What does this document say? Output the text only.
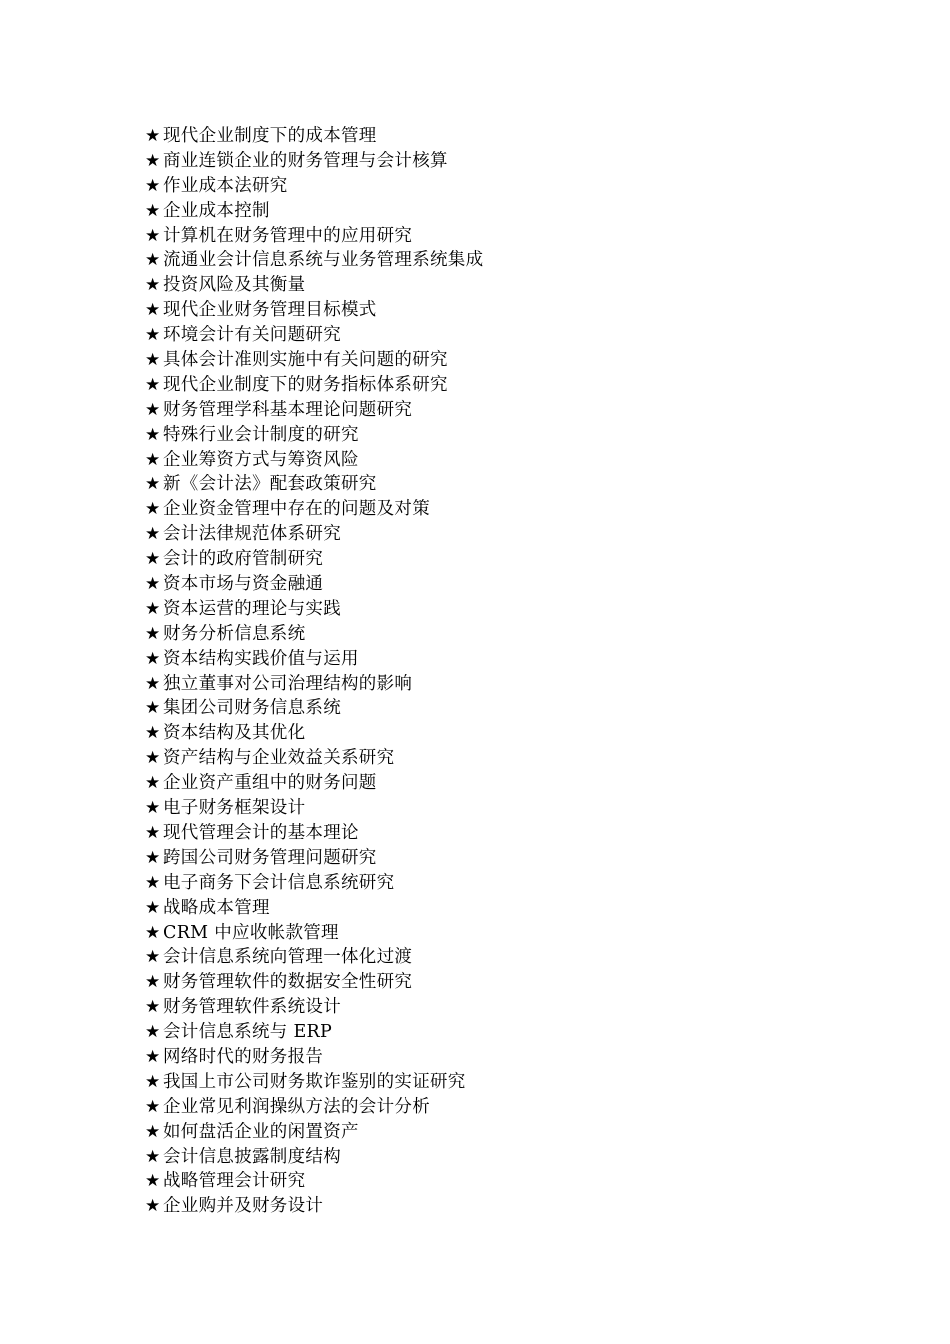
★ 现代企业制度下的成本管理
★ 商业连锁企业的财务管理与会计核算
★ 作业成本法研究
★ 企业成本控制
★ 计算机在财务管理中的应用研究
★ 流通业会计信息系统与业务管理系统集成
★ 投资风险及其衡量
★ 现代企业财务管理目标模式
★ 环境会计有关问题研究
★ 具体会计准则实施中有关问题的研究
★ 现代企业制度下的财务指标体系研究
★ 财务管理学科基本理论问题研究
★ 特殊行业会计制度的研究
★ 企业筹资方式与筹资风险
★ 新《会计法》配套政策研究
★ 企业资金管理中存在的问题及对策
★ 会计法律规范体系研究
★ 会计的政府管制研究
★ 资本市场与资金融通
★ 资本运营的理论与实践
★ 财务分析信息系统
★ 资本结构实践价值与运用
★ 独立董事对公司治理结构的影响
★ 集团公司财务信息系统
★ 资本结构及其优化
★ 资产结构与企业效益关系研究
★ 企业资产重组中的财务问题
★ 电子财务框架设计
★ 现代管理会计的基本理论
★ 跨国公司财务管理问题研究
★ 电子商务下会计信息系统研究
★ 战略成本管理
★ CRM 中应收帐款管理
★ 会计信息系统向管理一体化过渡
★ 财务管理软件的数据安全性研究
★ 财务管理软件系统设计
★ 会计信息系统与 ERP
★ 网络时代的财务报告
★ 我国上市公司财务欺诈鉴别的实证研究
★ 企业常见利润操纵方法的会计分析
★ 如何盘活企业的闲置资产
★ 会计信息披露制度结构
★ 战略管理会计研究
★ 企业购并及财务设计
